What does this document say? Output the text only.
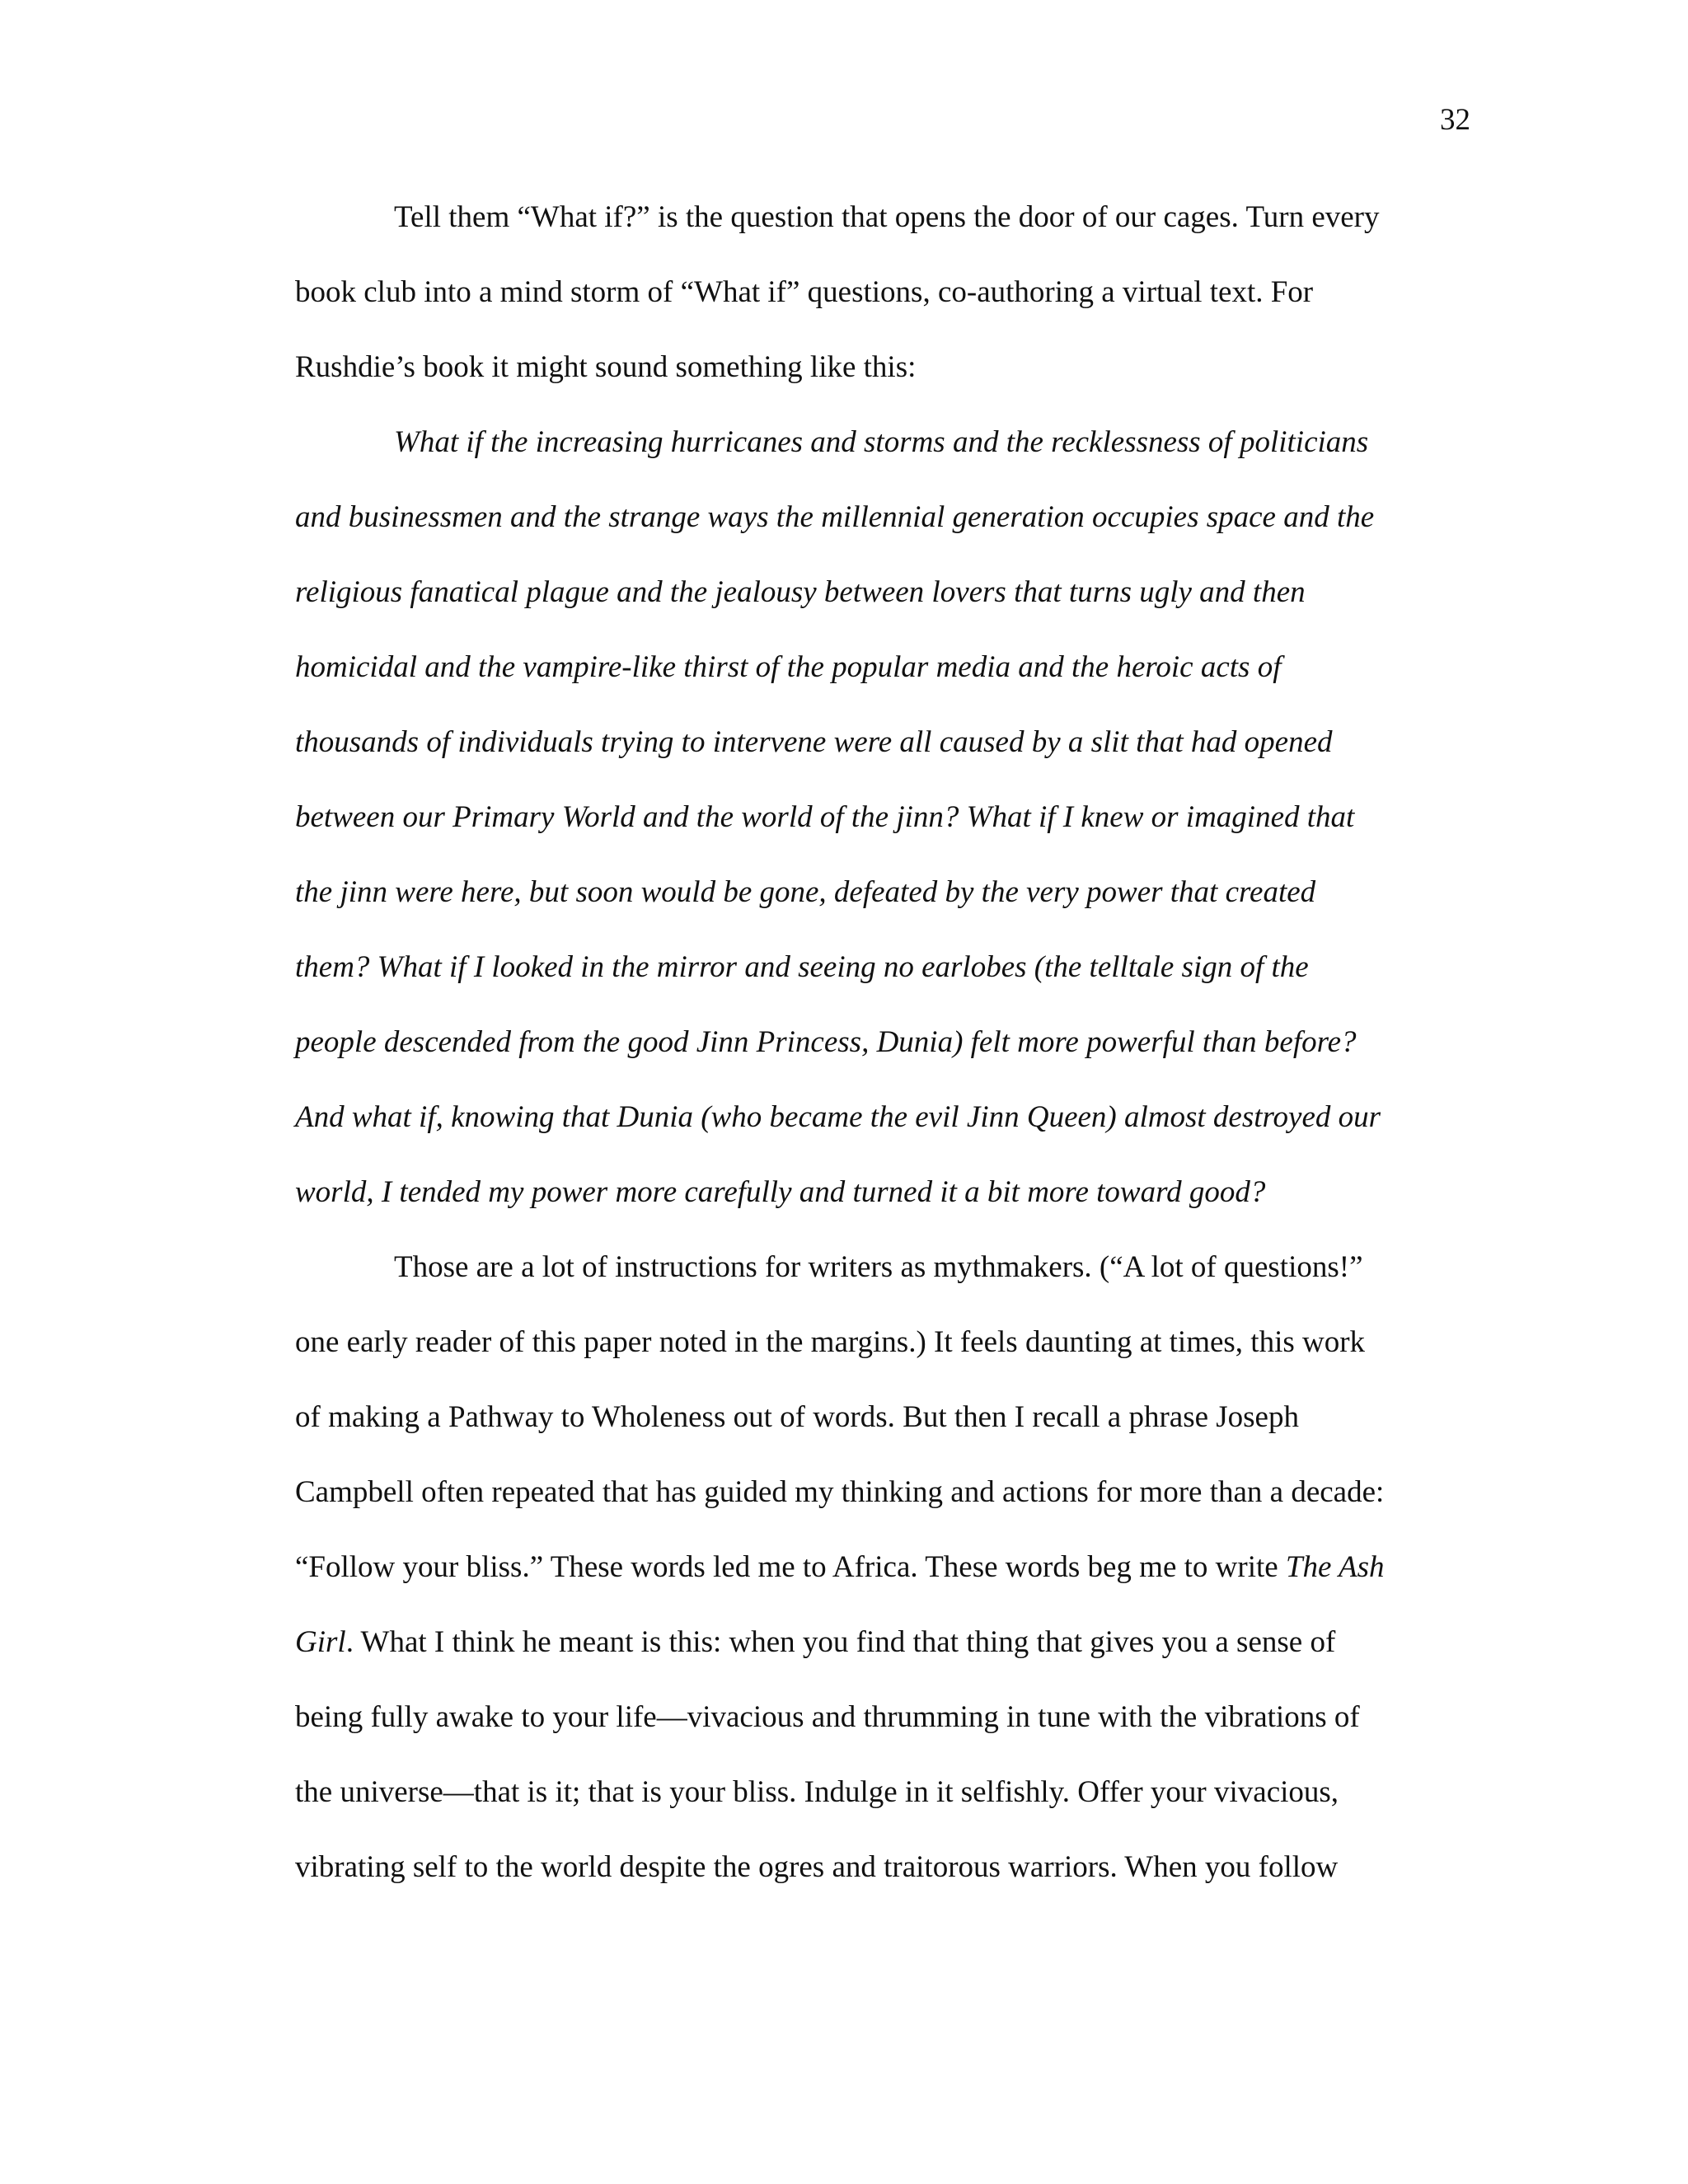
32
Tell them “What if?” is the question that opens the door of our cages. Turn every
book club into a mind storm of “What if” questions, co-authoring a virtual text. For
Rushdie’s book it might sound something like this:
What if the increasing hurricanes and storms and the recklessness of politicians
and businessmen and the strange ways the millennial generation occupies space and the
religious fanatical plague and the jealousy between lovers that turns ugly and then
homicidal and the vampire-like thirst of the popular media and the heroic acts of
thousands of individuals trying to intervene were all caused by a slit that had opened
between our Primary World and the world of the jinn? What if I knew or imagined that
the jinn were here, but soon would be gone, defeated by the very power that created
them? What if I looked in the mirror and seeing no earlobes (the telltale sign of the
people descended from the good Jinn Princess, Dunia) felt more powerful than before?
And what if, knowing that Dunia (who became the evil Jinn Queen) almost destroyed our
world, I tended my power more carefully and turned it a bit more toward good?
Those are a lot of instructions for writers as mythmakers. (“A lot of questions!”
one early reader of this paper noted in the margins.) It feels daunting at times, this work
of making a Pathway to Wholeness out of words. But then I recall a phrase Joseph
Campbell often repeated that has guided my thinking and actions for more than a decade:
“Follow your bliss.” These words led me to Africa. These words beg me to write The Ash
Girl. What I think he meant is this: when you find that thing that gives you a sense of
being fully awake to your life—vivacious and thrumming in tune with the vibrations of
the universe—that is it; that is your bliss. Indulge in it selfishly. Offer your vivacious,
vibrating self to the world despite the ogres and traitorous warriors. When you follow
